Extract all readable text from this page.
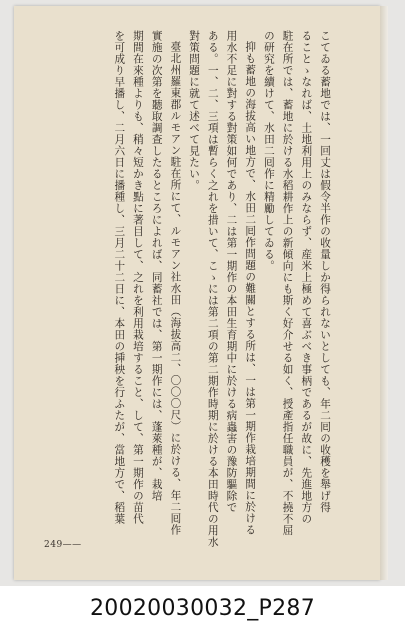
こてゐる蓄地では、一回丈は假令半作の收量しか得られないとしても、年二囘の收穫を舉げ得

ることゝなれば、土地利用上のみならず、産米上極めて喜ぶべき事柄であるが故に、先進地方の

駐在所では、蓄地に於ける水稻耕作上の新傾向にも斯く好介せる如く、授產指任職員が、不撓不屈

の研究を續けて、水田二囘作に精勵してゐる。

抑も蓄地の海拔高い地方で、水田二囘作問題の難關とする所は、一は第一期作栽培期間に於ける

用水不足に對する對策如何であり、二は第一期作の本田生育期中に於ける病蟲害の豫防驅除で

ある。一、二、三項は暫らく之れを措いて、こゝには第二項の第二期作時期に於ける本田時代の用水

對策問題に就て述べて見たい。

臺北州羅東郡ルモアン駐在所にて、ルモアン社水田（海拔高二、〇〇〇尺）に於ける、年二囘作

實施の次第を聽取調查したるところによれば、同蓄社では、第一期作には、蓬萊種が、栽培

期間在來種よりも、稍々短かき點に著目して、之れを利用栽培すること、して、第一期作の苗代

を可成り早播し、二月六日に播種し、三月二十二日に、本田の挿秧を行ふたが、當地方で、稻葉

249——
20020030032_P287
